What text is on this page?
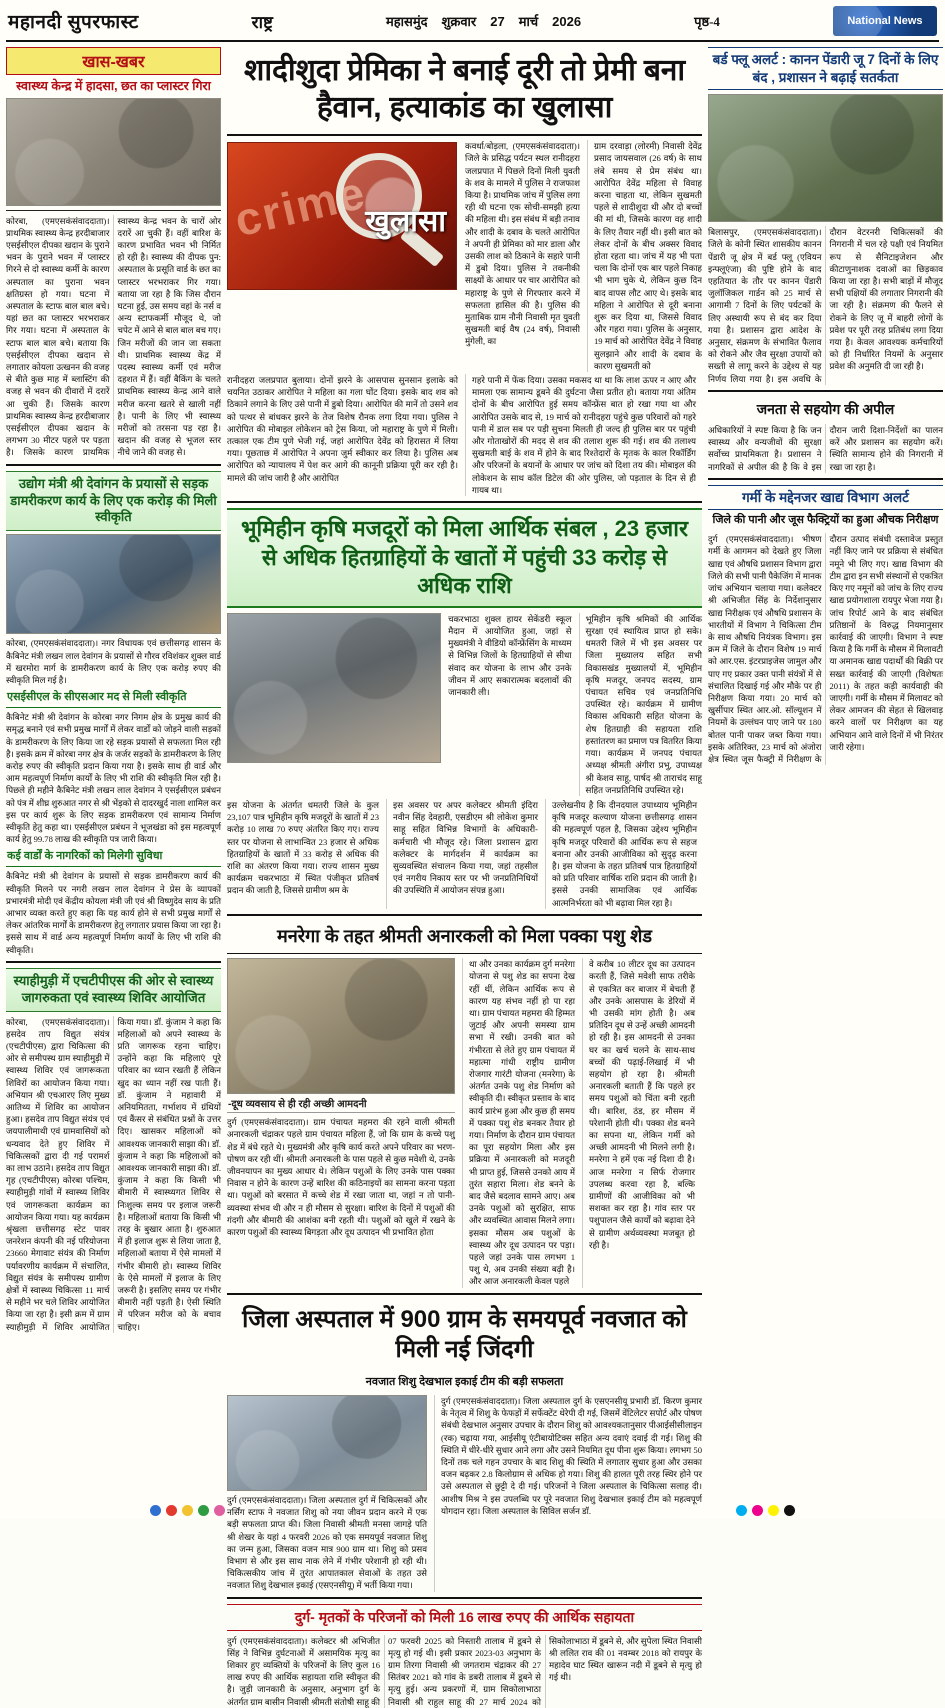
महानदी सुपरफास्ट	राष्ट्र	महासमुंद शुक्रवार 27 मार्च 2026	पृष्ठ-4	National News
खास-खबर
स्वास्थ्य केन्द्र में हादसा, छत का प्लास्टर गिरा
कोरबा, (एमएसकंसंवाददाता)। प्राथमिक स्वास्थ्य केन्द्र हरदीबाजार एसईसीएल दीपका खदान के पुराने भवन के पुराने भवन में प्लास्टर गिरने से दो स्वास्थ्य कर्मी के कारण अस्पताल का पुराना भवन क्षतिग्रस्त हो गया। घटना में अस्पताल के स्टाफ बाल बाल बचे। यहां छत का प्लास्टर भरभराकर गिर गया। घटना में अस्पताल के स्टाफ बाल बाल बचे। बताया कि एसईसीएल दीपका खदान से लगातार कोयला उत्खनन की वजह से बीते कुछ माह में ब्लास्टिंग की वजह से भवन की दीवारों में दरारें आ चुकी हैं। जिसके कारण प्राथमिक स्वास्थ्य केन्द्र हरदीबाजार एसईसीएल दीपका खदान के लगभग 30 मीटर पहले पर पड़ता है। जिसके कारण प्राथमिक स्वास्थ्य केन्द्र भवन के चारों ओर दरारें आ चुकी हैं। वहीं बारिश के कारण प्रभावित भवन भी निर्मित हो रही है। स्वास्थ्य की दीपक पुन: अस्पताल के प्रसूति वार्ड के छत का प्लास्टर भरभराकर गिर गया। बताया जा रहा है कि जिस दौरान घटना हुई, उस समय वहां के नर्स व अन्य स्टाफकर्मी मौजूद थे, जो चपेट में आने से बाल बाल बच गए। जिन मरीजों की जान जा सकता थी। प्राथमिक स्वास्थ्य केंद्र में पदस्थ स्वास्थ्य कर्मी एवं मरीज दहशत में हैं। वहीं बैकिंग के चलते प्राथमिक स्वास्थ्य केन्द्र आने वाले मरीज करना खतरे से खाली नहीं है। पानी के लिए भी स्वास्थ्य मरीजों को तरसना पड़ रहा है। खदान की वजह से भूजल स्तर नीचे जाने की वजह से।
उद्योग मंत्री श्री देवांगन के प्रयासों से सड़क डामरीकरण कार्य के लिए एक करोड़ की मिली स्वीकृति
कोरबा, (एमएसकंसंवाददाता)। नगर विधायक एवं छत्तीसगढ़ शासन के कैबिनेट मंत्री लखन लाल देवांगन के प्रयासों से गौरव रविशंकर शुक्ल वार्ड में खरमोरा मार्ग के डामरीकरण कार्य के लिए एक करोड़ रुपए की स्वीकृति मिल गई है।
एसईसीएल के सीएसआर मद से मिली स्वीकृति
कैबिनेट मंत्री श्री देवांगन के कोरबा नगर निगम क्षेत्र के प्रमुख कार्य की समृद्ध बनाने एवं सभी प्रमुख मार्गों में लेकर वार्डों को जोड़ने वाली सड़कों के डामरीकरण के लिए किया जा रहे सड़क प्रयासों से सफलता मिल रही है। इसके क्रम में कोरबा नगर क्षेत्र के जर्जर सड़कों के डामरीकरण के लिए करोड़ रुपए की स्वीकृति प्रदान किया गया है। इसके साथ ही वार्ड और आम महत्वपूर्ण निर्माण कार्यों के लिए भी राशि की स्वीकृति मिल रही है। पिछले ही महीने कैबिनेट मंत्री लखन लाल देवांगन ने एसईसीएल प्रबंधन को पंत्र में शीघ्र शुरुआत नगर से श्री भेंड़को से दादरखुर्द नाला शामिल कर इस पर कार्य शुरू के लिए सड़क डामरीकरण एवं सामान्य निर्माण स्वीकृति हेतु कहा था। एसईसीएल प्रबंधन ने भूजखंडा को इस महत्वपूर्ण कार्य हेतु 99.78 लाख की स्वीकृति पत्र जारी किया।
कई वार्डों के नागरिकों को मिलेगी सुविधा
कैबिनेट मंत्री श्री देवांगन के प्रयासों से सड़क डामरीकरण कार्य की स्वीकृति मिलने पर नगरी लखन लाल देवांगन ने प्रेस के व्यापकों प्रभारमंत्री मोदी एवं केंद्रीय कोयला मंत्री जी एवं श्री विष्णुदेव साय के प्रति आभार व्यक्त करते हुए कहा कि यह कार्य होने से सभी प्रमुख मार्गों से लेकर आंतरिक मार्गों के डामरीकरण हेतु लगातार प्रयास किया जा रहा है। इससे साथ में वार्ड अन्य महत्वपूर्ण निर्माण कार्यों के लिए भी राशि की स्वीकृति।
स्याहीमुड़ी में एचटीपीएस की ओर से स्वास्थ्य जागरुकता एवं स्वास्थ्य शिविर आयोजित
कोरबा, (एमएसकंसंवाददाता)। हसदेव ताप विद्युत संयंत्र (एचटीपीएस) द्वारा चिकित्सा की ओर से समीपस्थ ग्राम स्याहीमुड़ी में स्वास्थ्य शिविर एवं जागरूकता शिविरों का आयोजन किया गया। अभियान श्री एचआरए लिए मुख्य आतिथ्य में शिविर का आयोजन हुआ। हसदेव ताप विद्युत संयंत्र एवं जयपालीमाथी एवं ग्रामवासियों को धन्यवाद देते हुए शिविर में चिकित्सकों द्वारा दी गई परामर्श का लाभ उठाने। हसदेव ताप विद्युत गृह (एचटीपीएस) कोरबा पश्चिम, स्याहीमुड़ी गांवों में स्वास्थ्य शिविर एवं जागरूकता कार्यक्रम का आयोजन किया गया। यह कार्यक्रम श्रृंखला छत्तीसगढ़ स्टेट पावर जनरेशन कंपनी की नई परियोजना 23660 मेगावाट संयंत्र की निर्माण पर्यावरणीय कार्यक्रम में संचालित, विद्युत संयंत्र के समीपस्थ ग्रामीण क्षेत्रों में स्वास्थ्य चिकित्सा 11 मार्च से महीने भर चले शिविर आयोजित किया जा रहा है। इसी क्रम में ग्राम स्याहीमुड़ी में शिविर आयोजित किया गया। डॉ. कुंजाम ने कहा कि महिलाओं को अपने स्वास्थ्य के प्रति जागरूक रहना चाहिए। उन्होंने कहा कि महिलाएं पूरे परिवार का ध्यान रखती हैं लेकिन खुद का ध्यान नहीं रख पाती हैं। डॉ. कुंजाम ने महावारी में अनियमितता, गर्भाशय में ग्रंथियों एवं कैंसर से संबंधित प्रश्नों के उत्तर दिए। खासकर महिलाओं को आवश्यक जानकारी साझा की। डॉ. कुंजाम ने कहा कि महिलाओं को आवश्यक जानकारी साझा की। डॉ. कुंजाम ने कहा कि किसी भी बीमारी में स्वास्थ्यगत शिविर से निःशुल्क समय पर इलाज जरूरी है। महिलाओं बताया कि किसी भी तरह के बुखार आता है। शुरुआत में ही इलाज शुरू से लिया जाता है, महिलाओं बताया में ऐसे मामलों में गंभीर बीमारी हो। स्वास्थ्य शिविर के ऐसे मामलों में इलाज के लिए जरूरी है। इसलिए समय पर गंभीर बीमारी नहीं पड़ती है। ऐसी स्थिति में परिजन मरीज को के बचाव चाहिए।
शादीशुदा प्रेमिका ने बनाई दूरी तो प्रेमी बना हैवान, हत्याकांड का खुलासा
crime
खुलासा
कवर्धा/बोड़ला, (एमएसकंसंवाददाता)। जिले के प्रसिद्ध पर्यटन स्थल रानीदहरा जलप्रपात में पिछले दिनों मिली युवती के शव के मामले में पुलिस ने राजफाश किया है। प्राथमिक जांच में पुलिस लगा रही थी घटना एक सोची-समझी हत्या की महिला थी। इस संबंध में बड़ी तनाव और शादी के दबाव के चलते आरोपित ने अपनी ही प्रेमिका को मार डाला और उसकी लाश को ठिकाने के सहारे पानी में डुबो दिया। पुलिस ने तकनीकी साक्ष्यों के आधार पर चार आरोपित को महाराष्ट्र के पुणे से गिरफ्तार करने में सफलता हासिल की है। पुलिस की मुताबिक ग्राम नौनी निवासी मृत युवती सुखमती बाई वैष (24 वर्ष), निवासी मुंगेली, का
ग्राम दरवाड़ा (लोरमी) निवासी देवेंद्र प्रसाद जायसवाल (26 वर्ष) के साथ लंबे समय से प्रेम संबंध था। आरोपित देवेंद्र महिला से विवाह करना चाहता था, लेकिन सुखमती पहले से शादीशुदा थी और दो बच्चों की मां थी, जिसके कारण वह शादी के लिए तैयार नहीं थी। इसी बात को लेकर दोनों के बीच अक्सर विवाद होता रहता था। जांच में यह भी पता चला कि दोनों एक बार पहले निकाह भी भाग चुके थे, लेकिन कुछ दिन बाद वापस लौट आए थे। इसके बाद महिला ने आरोपित से दूरी बनाना शुरू कर दिया था, जिससे विवाद और गहरा गया। पुलिस के अनुसार, 19 मार्च को आरोपित देवेंद्र ने विवाह सुलझाने और शादी के दबाव के कारण सुखमती को
रानीदहरा जलप्रपात बुलाया। दोनों झरने के आसपास सुनसान इलाके को चयनित उठाकर आरोपित ने महिला का गला घोंट दिया। इसके बाद शव को ठिकाने लगाने के लिए उसे पानी में डुबो दिया। आरोपित की मानें तो उसने शव को पत्थर से बांधकर झरने के तेज विशेष रौनक लगा दिया गया। पुलिस ने आरोपित की मोबाइल लोकेशन को ट्रेस किया, जो महाराष्ट्र के पुणे में मिली। तत्काल एक टीम पुणे भेजी गई, जहां आरोपित देवेंद्र को हिरासत में लिया गया। पूछताछ में आरोपित ने अपना जुर्म स्वीकार कर लिया है। पुलिस अब आरोपित को न्यायालय में पेश कर आगे की कानूनी प्रक्रिया पूरी कर रही है। मामले की जांच जारी है और आरोपित
गहरे पानी में फेंक दिया। उसका मकसद था था कि लाश ऊपर न आए और मामला एक सामान्य डूबने की दुर्घटना जैसा प्रतीत हो। बताया गया अंतिम दोनों के बीच आरोपित हुई समय कॉन्फ्रेंस बात हो रखा गया था और आरोपित उसके बाद से, 19 मार्च को रानीदहरा पहुंचे कुछ परिवारों को गहरे पानी में डाल सब पर पड़ी सुचना मिलती ही जल्द ही पुलिस बार पर पहुंची और गोताखोरों की मदद से शव की तलाश शुरू की गई। शव की तलाश्य सुखमती बाई के शव में होने के बाद रिश्तेदारों के मृतक के काल रिकॉर्डिंग और परिजनों के बयानों के आधार पर जांच को दिशा तय की। मोबाइल की लोकेशन के साथ कॉल डिटेल की ओर पुलिस, जो पड़ताल के दिन से ही गायब था।
भूमिहीन कृषि मजदूरों को मिला आर्थिक संबल , 23 हजार से अधिक हितग्राहियों के खातों में पहुंची 33 करोड़ से अधिक राशि
चकरभाठा शुक्ल हायर सेकेंडरी स्कूल मैदान में आयोजित हुआ, जहां से मुख्यमंत्री ने वीडियो कॉन्फ्रेंसिंग के माध्यम से विभिन्न जिलों के हितग्राहियों से सीधा संवाद कर योजना के लाभ और उनके जीवन में आए सकारात्मक बदलावों की जानकारी ली।
भूमिहीन कृषि श्रमिकों की आर्थिक सुरक्षा एवं स्थायित्व प्राप्त हो सके। धमतरी जिले में भी इस अवसर पर जिला मुख्यालय सहित सभी विकासखंड मुख्यालयों में, भूमिहीन कृषि मजदूर, जनपद सदस्य, ग्राम पंचायत सचिव एवं जनप्रतिनिधि उपस्थित रहे। कार्यक्रम में ग्रामीण विकास अधिकारी सहित योजना के शेष हितग्राही की सहायता राशि हस्तांतरण का प्रमाण पत्र वितरित किया गया। कार्यक्रम में जनपद पंचायत अध्यक्ष श्रीमती अंगीरा प्रभु, उपाध्यक्ष श्री केशव साहू, पार्षद श्री ताराचंद साहू सहित जनप्रतिनिधि उपस्थित रहे।
इस योजना के अंतर्गत धमतरी जिले के कुल 23,107 पात्र भूमिहीन कृषि मजदूरों के खातों में 23 करोड़ 10 लाख 70 रुपए अंतरित किए गए। राज्य स्तर पर योजना से लाभान्वित 23 हजार से अधिक हितग्राहियों के खातों में 33 करोड़ से अधिक की राशि का अंतरण किया गया। राज्य शासन मुख्य कार्यक्रम चकरभाठा में स्थित पंजीकृत प्रतिवर्ष प्रदान की जाती है, जिससे ग्रामीण श्रम के
इस अवसर पर अपर कलेक्टर श्रीमती इंदिरा नवीन सिंह देवहारी, एसडीएम श्री लोकेश कुमार साहू सहित विभिन्न विभागों के अधिकारी-कर्मचारी भी मौजूद रहे। जिला प्रशासन द्वारा कलेक्टर के मार्गदर्शन में कार्यक्रम का सुव्यवस्थित संचालन किया गया, जहां तहसील एवं नगरीय निकाय स्तर पर भी जनप्रतिनिधियों की उपस्थिति में आयोजन संपन्न हुआ।
उल्लेखनीय है कि दीनदयाल उपाध्याय भूमिहीन कृषि मजदूर कल्याण योजना छत्तीसगढ़ शासन की महत्वपूर्ण पहल है, जिसका उद्देश्य भूमिहीन कृषि मजदूर परिवारों की आर्थिक रूप से सहज बनाना और उनकी आजीविका को सुदृढ़ करना है। इस योजना के तहत प्रतिवर्ष पात्र हितग्राहियों को प्रति परिवार वार्षिक राशि प्रदान की जाती है। इससे उनकी सामाजिक एवं आर्थिक आत्मनिर्भरता को भी बढ़ावा मिल रहा है।
मनरेगा के तहत श्रीमती अनारकली को मिला पक्का पशु शेड
-दूध व्यवसाय से ही रही अच्छी आमदनी
दुर्ग (एमएसकंसंवाददाता)। ग्राम पंचायत महमरा की रहने वाली श्रीमती अनारकली चंद्राकर पहले ग्राम पंचायत महिला हैं, जो कि ग्राम के कच्चे पशु शेड में बंधे रहते थे। मुख्यमंत्री और कृषि कार्य करते अपने परिवार का भरण-पोषण कर रही थीं। श्रीमती अनारकली के पास पहले से कुछ मवेशी थे, उनके जीवनयापन का मुख्य आधार थे। लेकिन पशुओं के लिए उनके पास पक्का निवास न होने के कारण उन्हें बारिश की कठिनाइयों का सामना करना पड़ता था। पशुओं को बरसात में कच्चे शेड में रखा जाता था, जहां न तो पानी-व्यवस्था संभव थी और न ही मौसम से सुरक्षा। बारिश के दिनों में पशुओं की गंदगी और बीमारी की आशंका बनी रहती थी। पशुओं को खुले में रखने के कारण पशुओं की स्वास्थ्य बिगड़ता और दूध उत्पादन भी प्रभावित होता
था और उनका कार्यक्रम दुर्ग मनरेगा योजना से पशु शेड का सपना देख रहीं थीं, लेकिन आर्थिक रूप से कारण यह संभव नहीं हो पा रहा था। ग्राम पंचायत महमरा की हिम्मत जुटाई और अपनी समस्या ग्राम सभा में रखी। उनकी बात को गंभीरता से लेते हुए ग्राम पंचायत में महात्मा गांधी राष्ट्रीय ग्रामीण रोजगार गारंटी योजना (मनरेगा) के अंतर्गत उनके पशु शेड निर्माण को स्वीकृति दी। स्वीकृत प्रस्ताव के बाद कार्य प्रारंभ हुआ और कुछ ही समय में पक्का पशु शेड बनकर तैयार हो गया। निर्माण के दौरान ग्राम पंचायत का पूरा सहयोग मिला और इस प्रक्रिया में अनारकली को मजदूरी भी प्राप्त हुई, जिससे उनको आय में तुरंत सहारा मिला। शेड बनने के बाद जैसे बदलाव सामने आए। अब उनके पशुओं को सुरक्षित, साफ और व्यवस्थित आवास मिलने लगा। इसका मौसम अब पशुओं के स्वास्थ्य और दूध उत्पादन पर पड़ा। पहले जहां उनके पास लगभग 1 पशु थे, अब उनकी संख्या बढ़ी है। और आज अनारकली केवल पहले
वे करीब 10 लीटर दूध का उत्पादन करती हैं, जिसे मवेशी साफ तरीके से एकत्रित कर बाजार में बेचती हैं और उनके आसपास के डेरियों में भी उसकी मांग होती है। अब प्रतिदिन दूध से उन्हें अच्छी आमदनी हो रही है। इस आमदनी से उनका घर का खर्च चलने के साथ-साथ बच्चों की पढ़ाई-लिखाई में भी सहयोग हो रहा है। श्रीमती अनारकली बताती हैं कि पहले हर समय पशुओं को चिंता बनी रहती थी। बारिश, ठंड, हर मौसम में परेशानी होती थी। पक्का शेड बनने का सपना था, लेकिन गर्मी को अच्छी आमदनी भी मिलने लगी है। मनरेगा ने हमें एक नई दिशा दी है। आज मनरेगा न सिर्फ रोजगार उपलब्ध करवा रहा है, बल्कि ग्रामीणों की आजीविका को भी सशक्त कर रहा है। गांव स्तर पर पशुपालन जैसे कार्यों को बढ़ावा देने से ग्रामीण अर्थव्यवस्था मजबूत हो रही है।
जिला अस्पताल में 900 ग्राम के समयपूर्व नवजात को मिली नई जिंदगी
नवजात शिशु देखभाल इकाई टीम की बड़ी सफलता
दुर्ग (एमएसकंसंवाददाता)। जिला अस्पताल दुर्ग में चिकित्सकों और नर्सिंग स्टाफ ने नवजात शिशु को नया जीवन प्रदान करने में एक बड़ी सफलता प्राप्त की। जिला निवासी श्रीमती मनसा जागड़े पति श्री शेखर के यहां 4 फरवरी 2026 को एक समयपूर्व नवजात शिशु का जन्म हुआ, जिसका वजन मात्र 900 ग्राम था। शिशु को प्रसव विभाग से और इस साथ नाक लेने में गंभीर परेशानी हो रही थी। चिकित्सकीय जांच में तुरंत आपातकाल सेवाओं के तहत उसे नवजात शिशु देखभाल इकाई (एसएनसीयू) में भर्ती किया गया।
दुर्ग (एमएसकंसंवाददाता)। जिला अस्पताल दुर्ग के एसएनसीयू प्रभारी डॉ. किरण कुमार के नेतृत्व में शिशु के फेफड़ों में सर्फेक्टेंट थेरेपी दी गई, जिसमें वेंटिलेटर सपोर्ट और पोषण संबंधी देखभाल अनुसार उपचार के दौरान शिशु को आवश्यकतानुसार पीआईसीसीलाइन (रक) चढ़ाया गया, आईसीयू एंटीबायोटिक्स सहित अन्य दवाएं दवाई दी गई। शिशु की स्थिति में धीरे-धीरे सुधार आने लगा और उसने नियमित दूध पीना शुरू किया। लगभग 50 दिनों तक चले गहन उपचार के बाद शिशु की स्थिति में लगातार सुधार हुआ और उसका वजन बढ़कर 2.8 किलोग्राम से अधिक हो गया। शिशु की हालत पूरी तरह स्थिर होने पर उसे अस्पताल से छुट्टी दे दी गई। परिजनों ने जिला अस्पताल के चिकित्सा सलाह दी। आशीष मिश्र ने इस उपलब्धि पर पूरे नवजात शिशु देखभाल इकाई टीम को महत्वपूर्ण योगदान रहा। जिला अस्पताल के सिविल सर्जन डॉ.
दुर्ग- मृतकों के परिजनों को मिली 16 लाख रुपए की आर्थिक सहायता
दुर्ग (एमएसकंसंवाददाता)। कलेक्टर श्री अभिजीत सिंह ने विभिन्न दुर्घटनाओं में असामयिक मृत्यु का शिकार हुए व्यक्तियों के परिजनों के लिए कुल 16 लाख रुपए की आर्थिक सहायता राशि स्वीकृत की है। जुड़ी जानकारी के अनुसार, अनुभाग दुर्ग के अंतर्गत ग्राम बासीन निवासी श्रीमती संतोषी साहू की 07 फरवरी 2025 को निस्तारी तालाब में डूबने से मृत्यु हो गई थी। इसी प्रकार 2023-03 अनुभाग के ग्राम तिरगा निवासी श्री जगतराम चंद्राकर की 27 सितंबर 2021 को गांव के डबरी तालाब में डूबने से मृत्यु हुई। अन्य प्रकरणों में, ग्राम सिकोलाभाठा निवासी श्री राहुल साहू की 27 मार्च 2024 को सिकोलाभाठा में डूबने से, और सुपेला स्थित निवासी श्री ललित राव की 01 नवम्बर 2018 को रायपुर के महादेव घाट स्थित खारून नदी में डूबने से मृत्यु हो गई थी।
बर्ड फ्लू अलर्ट : कानन पेंडारी जू 7 दिनों के लिए बंद , प्रशासन ने बढ़ाई सतर्कता
बिलासपुर, (एमएसकंसंवाददाता)। जिले के कोनी स्थित शासकीय कानन पेंडारी जू क्षेत्र में बर्ड फ्लू (एवियन इन्फ्लूएंजा) की पुष्टि होने के बाद एहतियात के तौर पर कानन पेंडारी जुलॉजिकल गार्डन को 25 मार्च से आगामी 7 दिनों के लिए पर्यटकों के लिए अस्थायी रूप से बंद कर दिया गया है। प्रशासन द्वारा आदेश के अनुसार, संक्रमण के संभावित फैलाव को रोकने और जैव सुरक्षा उपायों को सख्ती से लागू करने के उद्देश्य से यह निर्णय लिया गया है। इस अवधि के दौरान वेटरनरी चिकित्सकों की निगरानी में चल रहे पक्षी एवं नियमित रूप से सैनिटाइजेशन और कीटाणुनाशक दवाओं का छिड़काव किया जा रहा है। सभी बाड़ों में मौजूद सभी पक्षियों की लगातार निगरानी की जा रही है। संक्रमण की फैलने से रोकने के लिए जू में बाहरी लोगों के प्रवेश पर पूरी तरह प्रतिबंध लगा दिया गया है। केवल आवश्यक कर्मचारियों को ही निर्धारित नियमों के अनुसार प्रवेश की अनुमति दी जा रही है।
जनता से सहयोग की अपील
अधिकारियों ने स्पष्ट किया है कि जन स्वास्थ्य और वन्यजीवों की सुरक्षा सर्वोच्च प्राथमिकता है। प्रशासन ने नागरिकों से अपील की है कि वे इस दौरान जारी दिशा-निर्देशों का पालन करें और प्रशासन का सहयोग करें। स्थिति सामान्य होने की निगरानी में रखा जा रहा है।
गर्मी के मद्देनजर खाद्य विभाग अलर्ट
जिले की पानी और जूस फैक्ट्रियों का हुआ औचक निरीक्षण
दुर्ग (एमएसकंसंवाददाता)। भीषण गर्मी के आगमन को देखते हुए जिला खाद्य एवं औषधि प्रशासन विभाग द्वारा जिले की सभी पानी पैकेजिंग में मानक जांच अभियान चलाया गया। कलेक्टर श्री अभिजीत सिंह के निर्देशानुसार खाद्य निरीक्षक एवं औषधि प्रशासन के भारतीयों में विभाग ने चिकित्सा टीम के साथ औषधि नियंत्रक विभाग। इस क्रम में जिले के दौरान विशेष 19 मार्च को आर.एस. इंटरप्राइजेस जामुल और पाए गए प्रकार उक्त पानी संयंत्रों में से संचालित दिखाई गई और मौके पर ही निरीक्षण किया गया। 20 मार्च को खुर्सीपार स्थित आर.ओ. सॉल्यूशन में नियमों के उल्लंघन पाए जाने पर 180 बोतल पानी पाकर जब्त किया गया। इसके अतिरिक्त, 23 मार्च को अंजोरा क्षेत्र स्थित जूस फैक्ट्री में निरीक्षण के दौरान उत्पाद संबंधी दस्तावेज प्रस्तुत नहीं किए जाने पर प्रक्रिया से संबंधित नमूने भी लिए गए। खाद्य विभाग की टीम द्वारा इन सभी संस्थानों से एकत्रित किए गए नमूनों को जांच के लिए राज्य खाद्य प्रयोगशाला रायपुर भेजा गया है। जांच रिपोर्ट आने के बाद संबंधित प्रतिष्ठानों के विरुद्ध नियमानुसार कार्रवाई की जाएगी। विभाग ने स्पष्ट किया है कि गर्मी के मौसम में मिलावटी या अमानक खाद्य पदार्थों की बिक्री पर सख्त कार्रवाई की जाएगी (विशेषतः 2011) के तहत कड़ी कार्यवाही की जाएगी। गर्मी के मौसम में मिलावट को लेकर आमजन की सेहत से खिलवाड़ करने वालों पर निरीक्षण का यह अभियान आने वाले दिनों में भी निरंतर जारी रहेगा।
